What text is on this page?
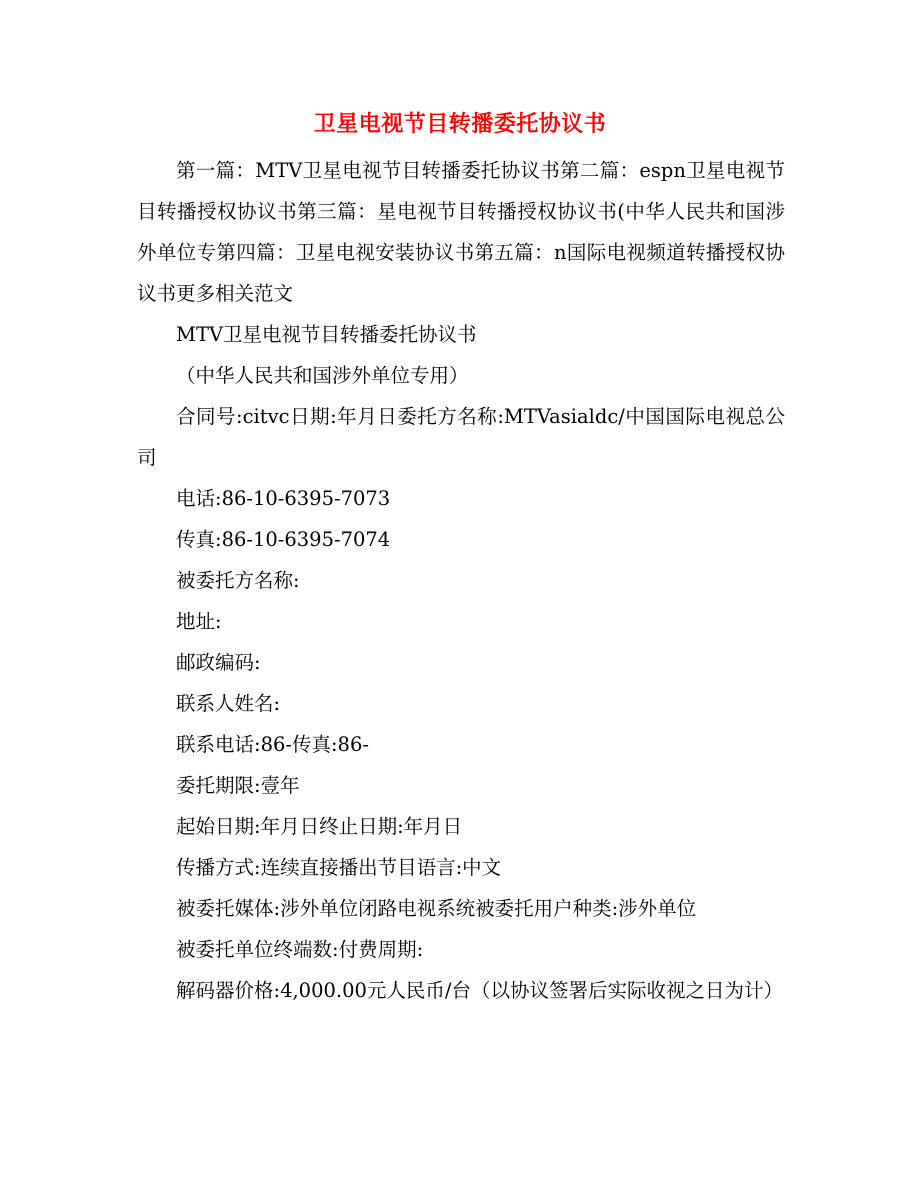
卫星电视节目转播委托协议书

第一篇：MTV卫星电视节目转播委托协议书第二篇：espn卫星电视节目转播授权协议书第三篇：星电视节目转播授权协议书(中华人民共和国涉外单位专第四篇：卫星电视安装协议书第五篇：n国际电视频道转播授权协议书更多相关范文

MTV卫星电视节目转播委托协议书

（中华人民共和国涉外单位专用）

合同号:citvc日期:年月日委托方名称:MTVasialdc/中国国际电视总公司

电话:86-10-6395-7073

传真:86-10-6395-7074

被委托方名称:

地址:

邮政编码:

联系人姓名:

联系电话:86-传真:86-

委托期限:壹年

起始日期:年月日终止日期:年月日

传播方式:连续直接播出节目语言:中文

被委托媒体:涉外单位闭路电视系统被委托用户种类:涉外单位

被委托单位终端数:付费周期:

解码器价格:4,000.00元人民币/台（以协议签署后实际收视之日为计）
